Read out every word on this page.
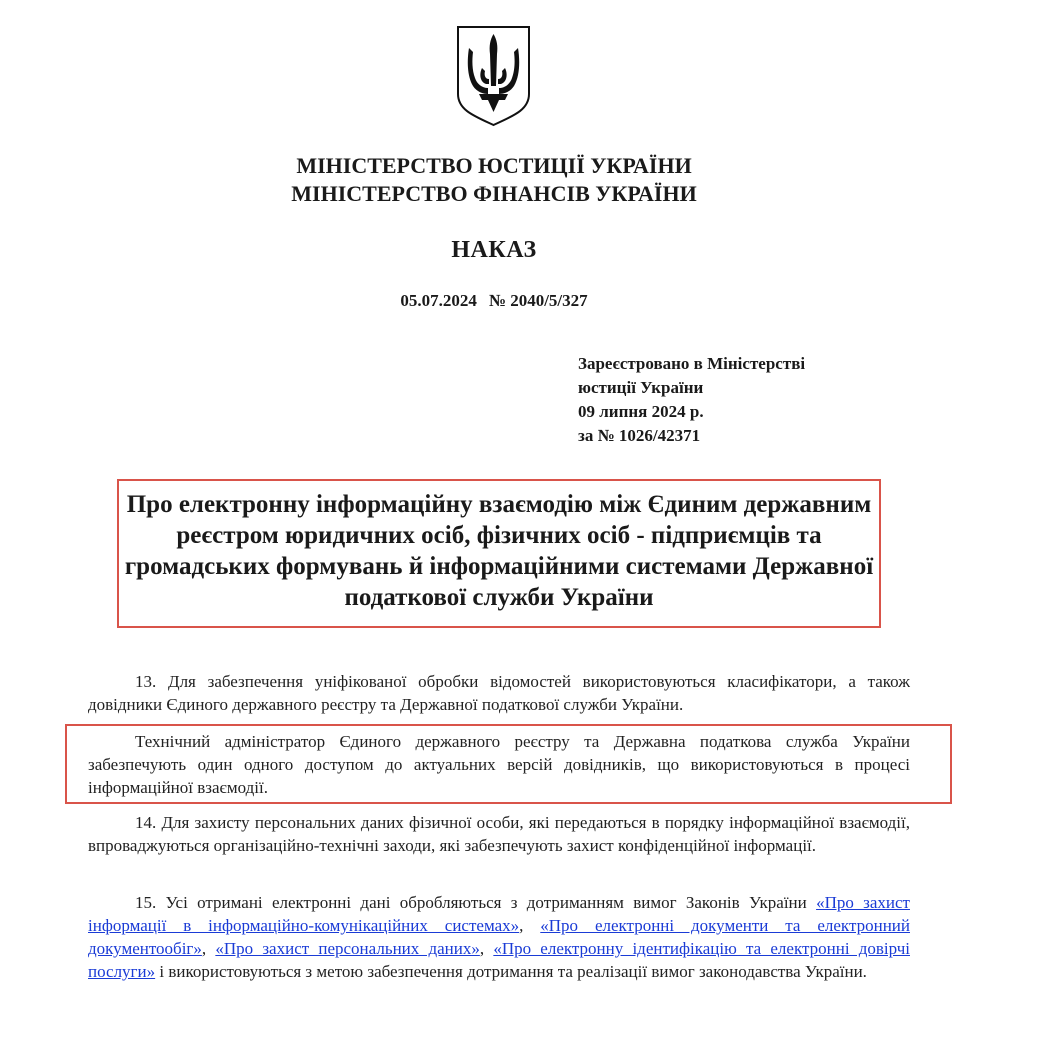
МІНІСТЕРСТВО ЮСТИЦІЇ УКРАЇНИ
МІНІСТЕРСТВО ФІНАНСІВ УКРАЇНИ
НАКАЗ
05.07.2024 № 2040/5/327
Зареєстровано в Міністерстві
юстиції України
09 липня 2024 р.
за № 1026/42371
Про електронну інформаційну взаємодію між Єдиним державним реєстром юридичних осіб, фізичних осіб - підприємців та громадських формувань й інформаційними системами Державної податкової служби України
13. Для забезпечення уніфікованої обробки відомостей використовуються класифікатори, а також довідники Єдиного державного реєстру та Державної податкової служби України.
Технічний адміністратор Єдиного державного реєстру та Державна податкова служба України забезпечують один одного доступом до актуальних версій довідників, що використовуються в процесі інформаційної взаємодії.
14. Для захисту персональних даних фізичної особи, які передаються в порядку інформаційної взаємодії, впроваджуються організаційно-технічні заходи, які забезпечують захист конфіденційної інформації.
15. Усі отримані електронні дані обробляються з дотриманням вимог Законів України «Про захист інформації в інформаційно-комунікаційних системах», «Про електронні документи та електронний документообіг», «Про захист персональних даних», «Про електронну ідентифікацію та електронні довірчі послуги» і використовуються з метою забезпечення дотримання та реалізації вимог законодавства України.
